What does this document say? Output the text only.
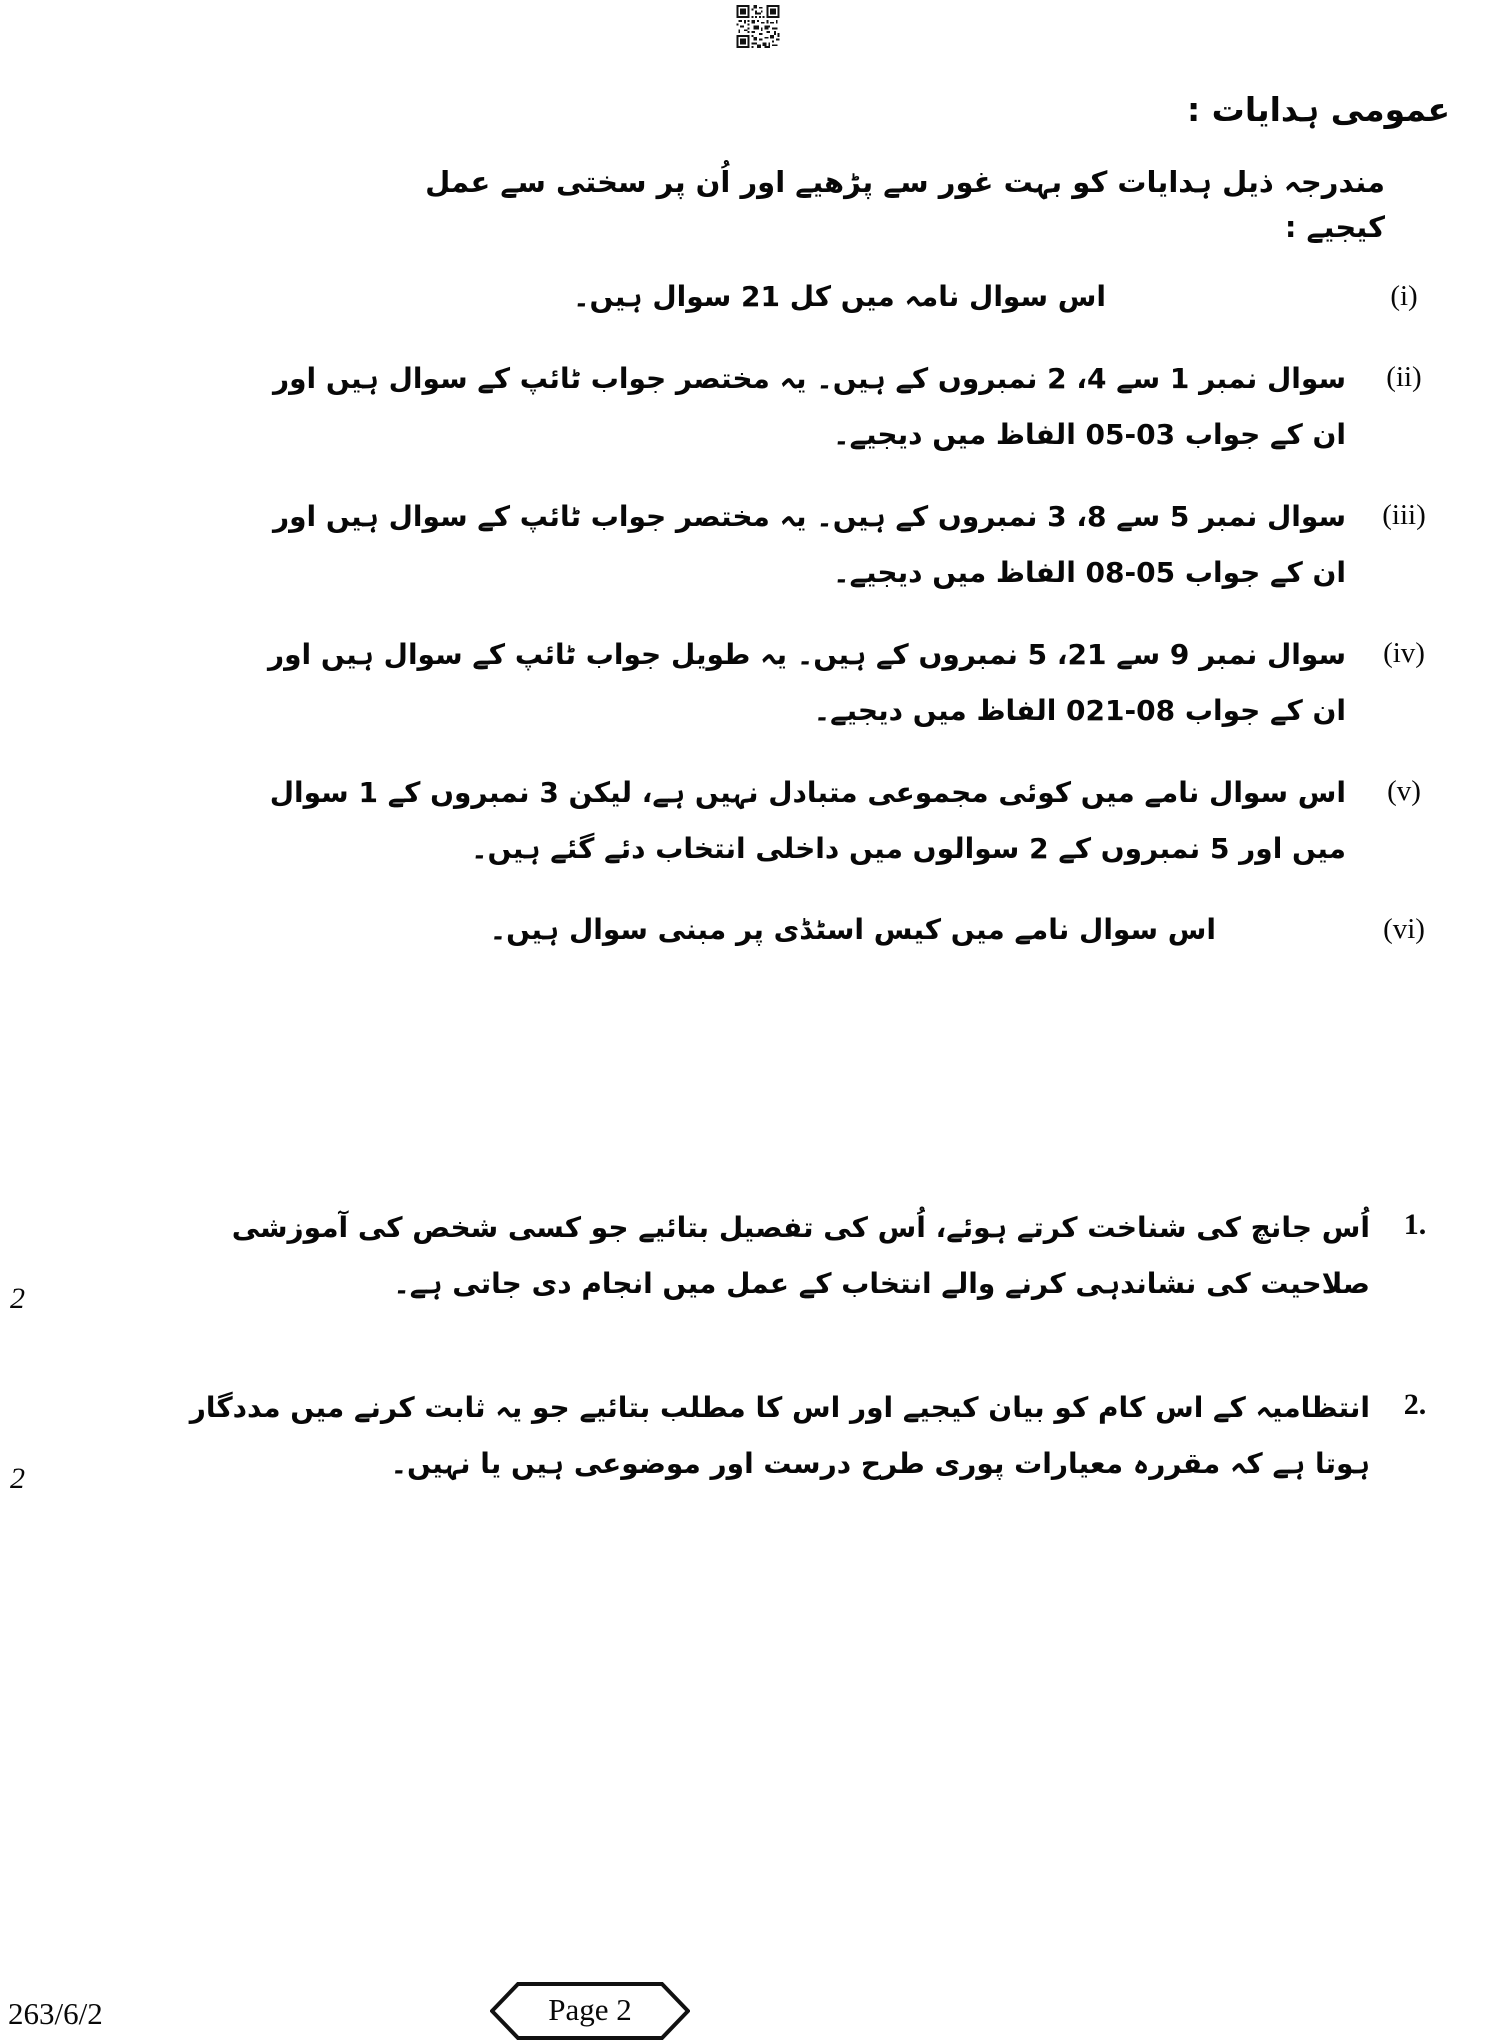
عمومی ہدایات :
مندرجہ ذیل ہدایات کو بہت غور سے پڑھیے اور اُن پر سختی سے عمل کیجیے :
(i)
اس سوال نامہ میں کل 12 سوال ہیں۔
(ii)
سوال نمبر 1 سے 4، 2 نمبروں کے ہیں۔ یہ مختصر جواب ٹائپ کے سوال ہیں اور ان کے جواب 30-50 الفاظ میں دیجیے۔
(iii)
سوال نمبر 5 سے 8، 3 نمبروں کے ہیں۔ یہ مختصر جواب ٹائپ کے سوال ہیں اور ان کے جواب 50-80 الفاظ میں دیجیے۔
(iv)
سوال نمبر 9 سے 12، 5 نمبروں کے ہیں۔ یہ طویل جواب ٹائپ کے سوال ہیں اور ان کے جواب 80-120 الفاظ میں دیجیے۔
(v)
اس سوال نامے میں کوئی مجموعی متبادل نہیں ہے، لیکن 3 نمبروں کے 1 سوال میں اور 5 نمبروں کے 2 سوالوں میں داخلی انتخاب دئے گئے ہیں۔
(vi)
اس سوال نامے میں کیس اسٹڈی پر مبنی سوال ہیں۔
1.
اُس جانچ کی شناخت کرتے ہوئے، اُس کی تفصیل بتائیے جو کسی شخص کی آموزشی صلاحیت کی نشاندہی کرنے والے انتخاب کے عمل میں انجام دی جاتی ہے۔
2
2.
انتظامیہ کے اس کام کو بیان کیجیے اور اس کا مطلب بتائیے جو یہ ثابت کرنے میں مددگار ہوتا ہے کہ مقررہ معیارات پوری طرح درست اور موضوعی ہیں یا نہیں۔
2
263/6/2	Page 2
